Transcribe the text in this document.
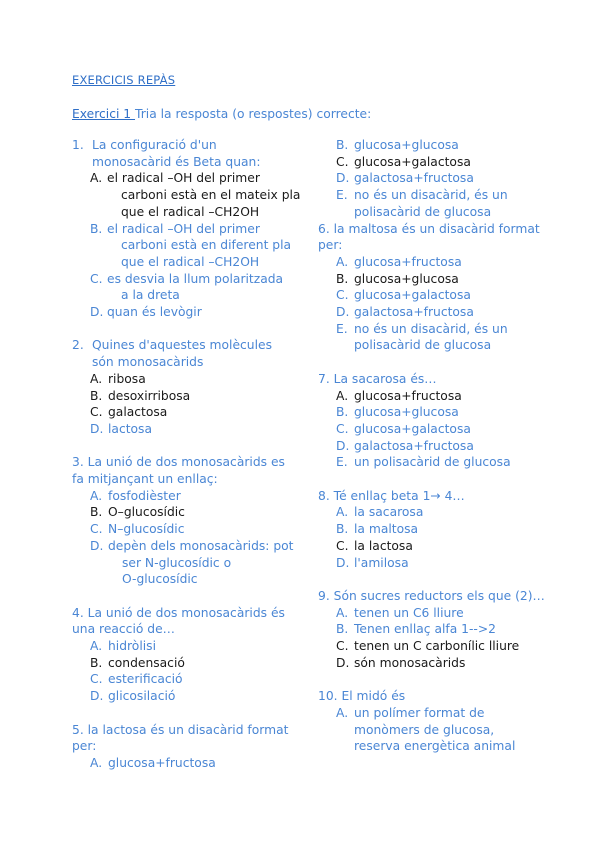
EXERCICIS REPÀS
Exercici 1 Tria la resposta (o respostes) correcte:
1. La configuració d'un
monosacàrid és Beta quan:
A. el radical –OH del primer
carboni està en el mateix pla
que el radical –CH2OH
B. el radical –OH del primer
carboni està en diferent pla
que el radical –CH2OH
C. es desvia la llum polaritzada
a la dreta
D. quan és levògir
2. Quines d'aquestes molècules
són monosacàrids
A. ribosa
B. desoxirribosa
C. galactosa
D. lactosa
3. La unió de dos monosacàrids es
fa mitjançant un enllaç:
A. fosfodièster
B. O–glucosídic
C. N–glucosídic
D. depèn dels monosacàrids: pot
ser N-glucosídic o
O-glucosídic
4. La unió de dos monosacàrids és
una reacció de…
A. hidròlisi
B. condensació
C. esterificació
D. glicosilació
5. la lactosa és un disacàrid format
per:
A. glucosa+fructosa
B. glucosa+glucosa
C. glucosa+galactosa
D. galactosa+fructosa
E. no és un disacàrid, és un
polisacàrid de glucosa
6. la maltosa és un disacàrid format
per:
A. glucosa+fructosa
B. glucosa+glucosa
C. glucosa+galactosa
D. galactosa+fructosa
E. no és un disacàrid, és un
polisacàrid de glucosa
7. La sacarosa és…
A. glucosa+fructosa
B. glucosa+glucosa
C. glucosa+galactosa
D. galactosa+fructosa
E. un polisacàrid de glucosa
8. Té enllaç beta 1→ 4…
A. la sacarosa
B. la maltosa
C. la lactosa
D. l'amilosa
9. Són sucres reductors els que (2)…
A. tenen un C6 lliure
B. Tenen enllaç alfa 1-->2
C. tenen un C carbonílic lliure
D. són monosacàrids
10. El midó és
A. un polímer format de
monòmers de glucosa,
reserva energètica animal
